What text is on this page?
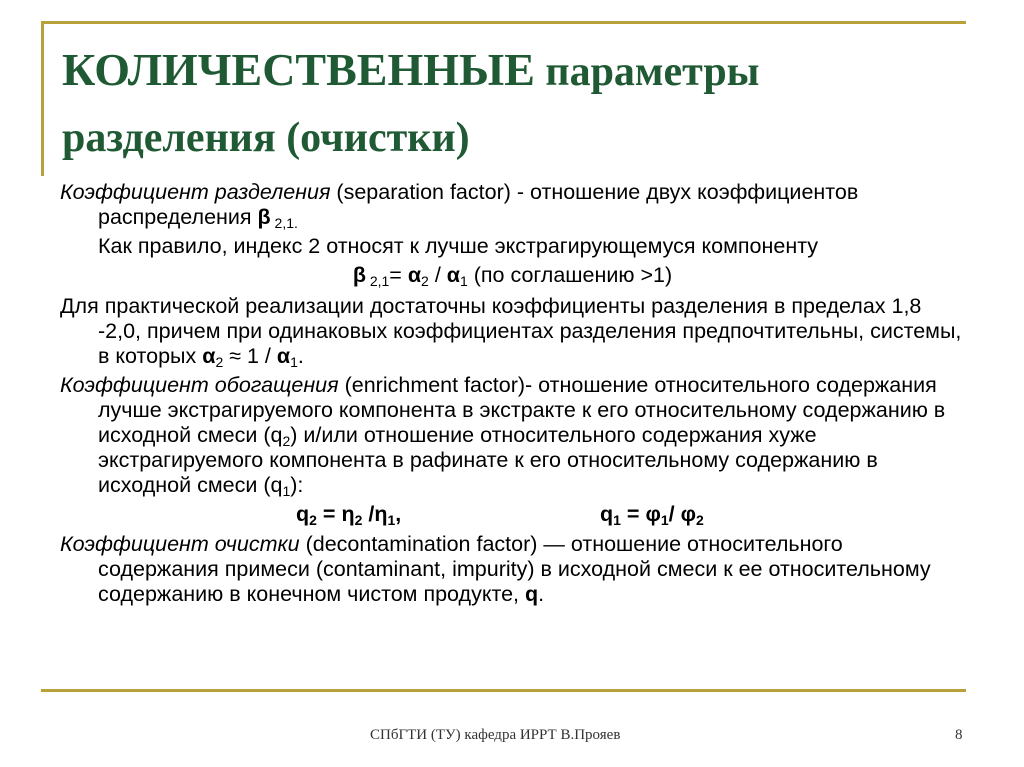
КОЛИЧЕСТВЕННЫЕ параметры
разделения (очистки)

Коэффициент разделения (separation factor) - отношение двух коэффициентов распределения β $_{2,1.}$

Как правило, индекс 2 относят к лучше экстрагирующемуся компоненту

β $_{2,1}= \alpha_2 / \alpha_1$ (по соглашению >1)

Для практической реализации достаточны коэффициенты разделения в пределах 1,8 -2,0, причем при одинаковых коэффициентах разделения предпочтительны, системы, в которых $\alpha_2 \approx 1 / \alpha_1$.

Коэффициент обогащения (enrichment factor)- отношение относительного содержания лучше экстрагируемого компонента в экстракте к его относительному содержанию в исходной смеси $(q_2)$ и/или отношение относительного содержания хуже экстрагируемого компонента в рафинате к его относительному содержанию в исходной смеси $(q_1)$:

$q_2 = \eta_2$ $/\eta_1$,	$q_1 = \varphi_1/$ $\varphi_2$

Коэффициент очистки (decontamination factor) — отношение относительного содержания примеси (contaminant, impurity) в исходной смеси к ее относительному содержанию в конечном чистом продукте, q.

СПбГТИ (ТУ) кафедра ИРРТ В.Прояев	8
